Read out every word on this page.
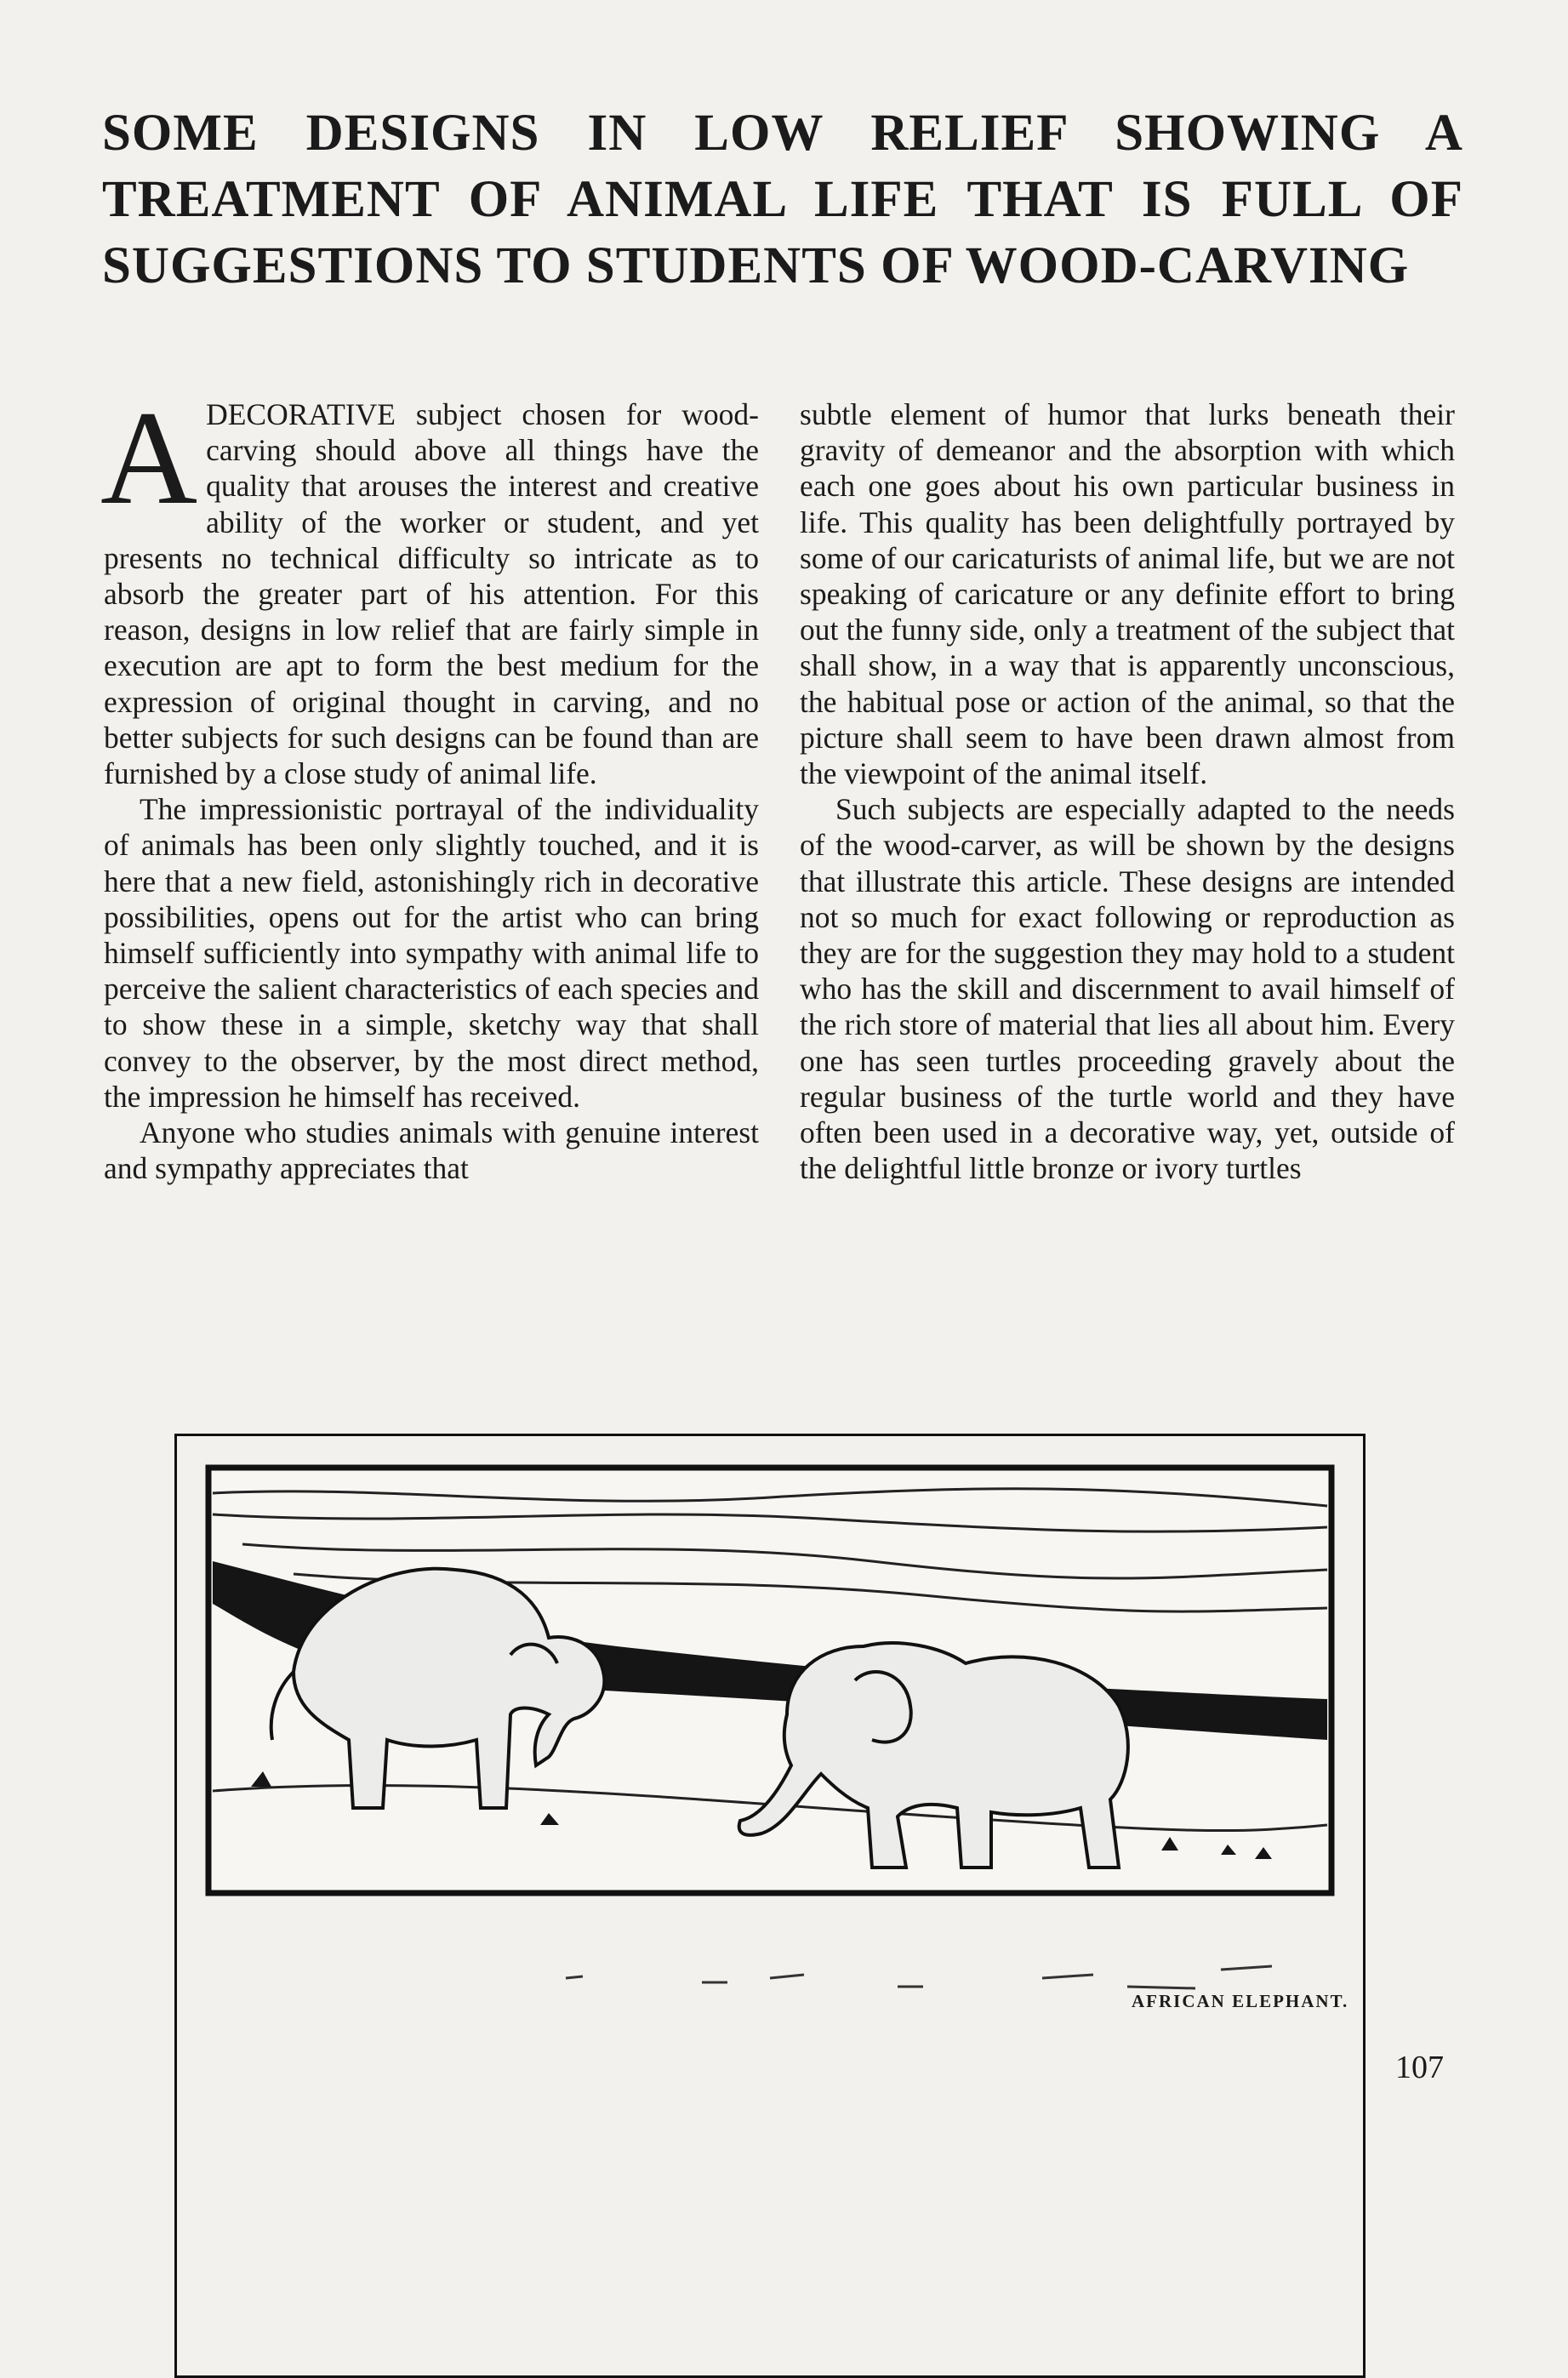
SOME DESIGNS IN LOW RELIEF SHOWING A TREATMENT OF ANIMAL LIFE THAT IS FULL OF SUGGESTIONS TO STUDENTS OF WOOD-CARVING

ADECORATIVE subject chosen for wood-carving should above all things have the quality that arouses the interest and creative ability of the worker or student, and yet presents no technical difficulty so intricate as to absorb the greater part of his attention. For this reason, designs in low relief that are fairly simple in execution are apt to form the best medium for the expression of original thought in carving, and no better subjects for such designs can be found than are furnished by a close study of animal life.

The impressionistic portrayal of the individuality of animals has been only slightly touched, and it is here that a new field, astonishingly rich in decorative possibilities, opens out for the artist who can bring himself sufficiently into sympathy with animal life to perceive the salient characteristics of each species and to show these in a simple, sketchy way that shall convey to the observer, by the most direct method, the impression he himself has received.

Anyone who studies animals with genuine interest and sympathy appreciates that

subtle element of humor that lurks beneath their gravity of demeanor and the absorption with which each one goes about his own particular business in life. This quality has been delightfully portrayed by some of our caricaturists of animal life, but we are not speaking of caricature or any definite effort to bring out the funny side, only a treatment of the subject that shall show, in a way that is apparently unconscious, the habitual pose or action of the animal, so that the picture shall seem to have been drawn almost from the viewpoint of the animal itself.

Such subjects are especially adapted to the needs of the wood-carver, as will be shown by the designs that illustrate this article. These designs are intended not so much for exact following or reproduction as they are for the suggestion they may hold to a student who has the skill and discernment to avail himself of the rich store of material that lies all about him. Every one has seen turtles proceeding gravely about the regular business of the turtle world and they have often been used in a decorative way, yet, outside of the delightful little bronze or ivory turtles

AFRICAN ELEPHANT.
107
